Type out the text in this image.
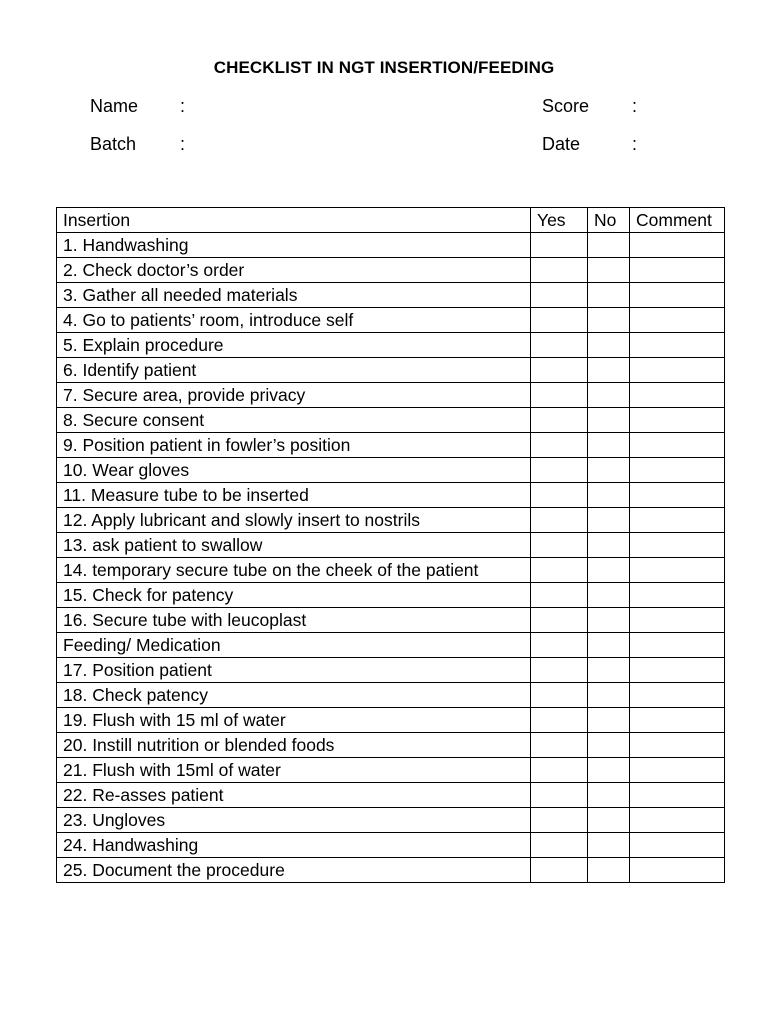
CHECKLIST IN NGT INSERTION/FEEDING
Name :
Batch :
Score :
Date	:
Insertion	Yes	No	Comment
1. Handwashing			
2. Check doctor’s order			
3. Gather all needed materials			
4. Go to patients’ room, introduce self			
5. Explain procedure			
6. Identify patient			
7. Secure area, provide privacy			
8. Secure consent			
9. Position patient in fowler’s position			
10. Wear gloves			
11. Measure tube to be inserted			
12. Apply lubricant and slowly insert to nostrils			
13. ask patient to swallow			
14. temporary secure tube on the cheek of the patient			
15. Check for patency			
16. Secure tube with leucoplast			
Feeding/ Medication			
17. Position patient			
18. Check patency			
19. Flush with 15 ml of water			
20. Instill nutrition or blended foods			
21. Flush with 15ml of water			
22. Re-asses patient			
23. Ungloves			
24. Handwashing			
25. Document the procedure			
